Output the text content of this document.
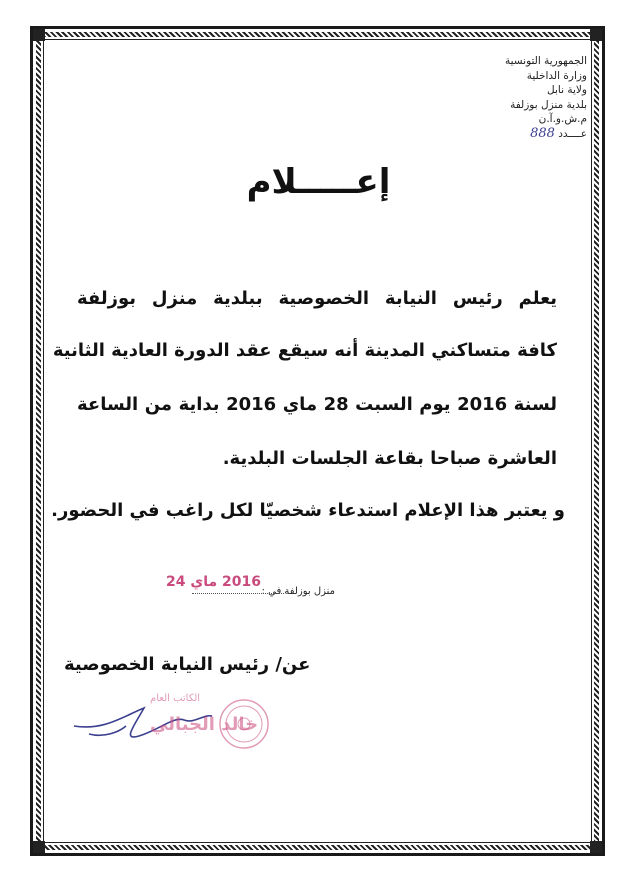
الجمهورية التونسية
وزارة الداخلية
ولاية نابل
بلدية منزل بوزلفة
م.ش.و.آ.ن
عــــدد 888
إعـــــلام
يعلم رئيس النيابة الخصوصية ببلدية منزل بوزلفة
كافة متساكني المدينة أنه سيقع عقد الدورة العادية الثانية
لسنة 2016 يوم السبت 28 ماي 2016 بداية من الساعة
العاشرة صباحا بقاعة الجلسات البلدية.
و يعتبر هذا الإعلام استدعاء شخصيّا لكل راغب في الحضور.
منزل بوزلفة في :
2016 ماي 24
عن/ رئيس النيابة الخصوصية
الكاتب العام
خالد الجبالي
